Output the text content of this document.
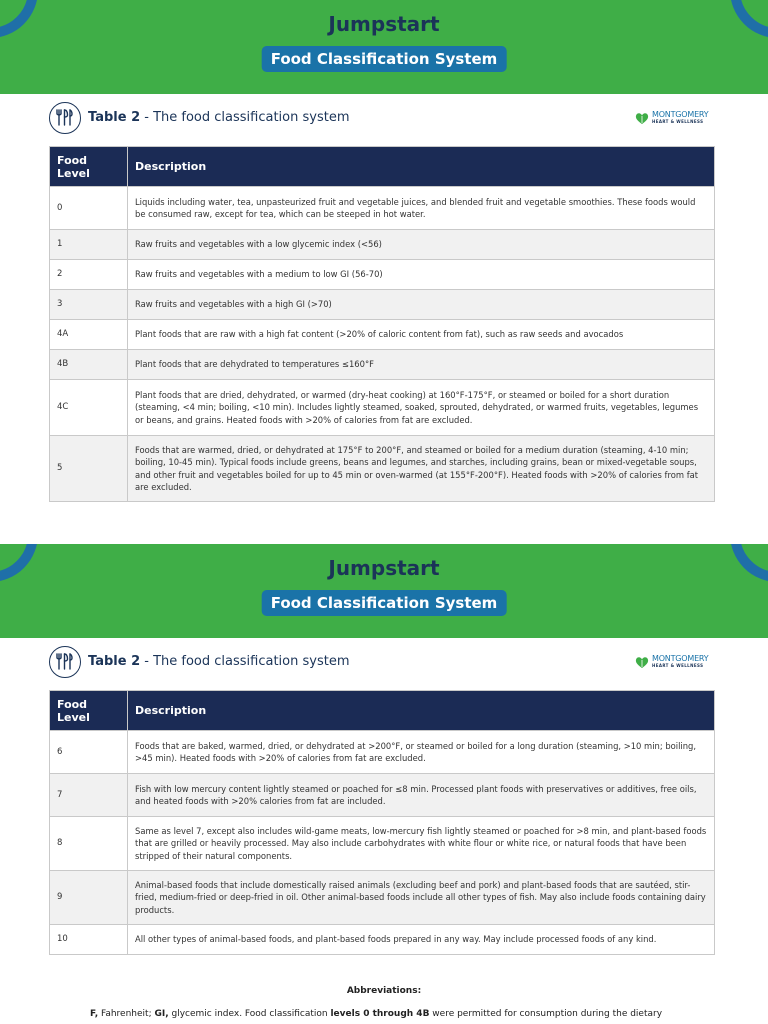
Jumpstart
Food Classification System
Table 2 - The food classification system	MONTGOMERY
HEART & WELLNESS
Food Level	Description
0	Liquids including water, tea, unpasteurized fruit and vegetable juices, and blended fruit and vegetable smoothies. These foods would be consumed raw, except for tea, which can be steeped in hot water.
1	Raw fruits and vegetables with a low glycemic index (<56)
2	Raw fruits and vegetables with a medium to low GI (56-70)
3	Raw fruits and vegetables with a high GI (>70)
4A	Plant foods that are raw with a high fat content (>20% of caloric content from fat), such as raw seeds and avocados
4B	Plant foods that are dehydrated to temperatures ≤160°F
4C	Plant foods that are dried, dehydrated, or warmed (dry-heat cooking) at 160°F-175°F, or steamed or boiled for a short duration (steaming, <4 min; boiling, <10 min). Includes lightly steamed, soaked, sprouted, dehydrated, or warmed fruits, vegetables, legumes or beans, and grains. Heated foods with >20% of calories from fat are excluded.
5	Foods that are warmed, dried, or dehydrated at 175°F to 200°F, and steamed or boiled for a medium duration (steaming, 4-10 min; boiling, 10-45 min). Typical foods include greens, beans and legumes, and starches, including grains, bean or mixed-vegetable soups, and other fruit and vegetables boiled for up to 45 min or oven-warmed (at 155°F-200°F). Heated foods with >20% of calories from fat are excluded.
Jumpstart
Food Classification System
Table 2 - The food classification system	MONTGOMERY
HEART & WELLNESS
Food Level	Description
6	Foods that are baked, warmed, dried, or dehydrated at >200°F, or steamed or boiled for a long duration (steaming, >10 min; boiling, >45 min). Heated foods with >20% of calories from fat are excluded.
7	Fish with low mercury content lightly steamed or poached for ≤8 min. Processed plant foods with preservatives or additives, free oils, and heated foods with >20% calories from fat are included.
8	Same as level 7, except also includes wild-game meats, low-mercury fish lightly steamed or poached for >8 min, and plant-based foods that are grilled or heavily processed. May also include carbohydrates with white flour or white rice, or natural foods that have been stripped of their natural components.
9	Animal-based foods that include domestically raised animals (excluding beef and pork) and plant-based foods that are sautéed, stir-fried, medium-fried or deep-fried in oil. Other animal-based foods include all other types of fish. May also include foods containing dairy products.
10	All other types of animal-based foods, and plant-based foods prepared in any way. May include processed foods of any kind.
Abbreviations:
F, Fahrenheit; GI, glycemic index. Food classification levels 0 through 4B were permitted for consumption during the dietary
